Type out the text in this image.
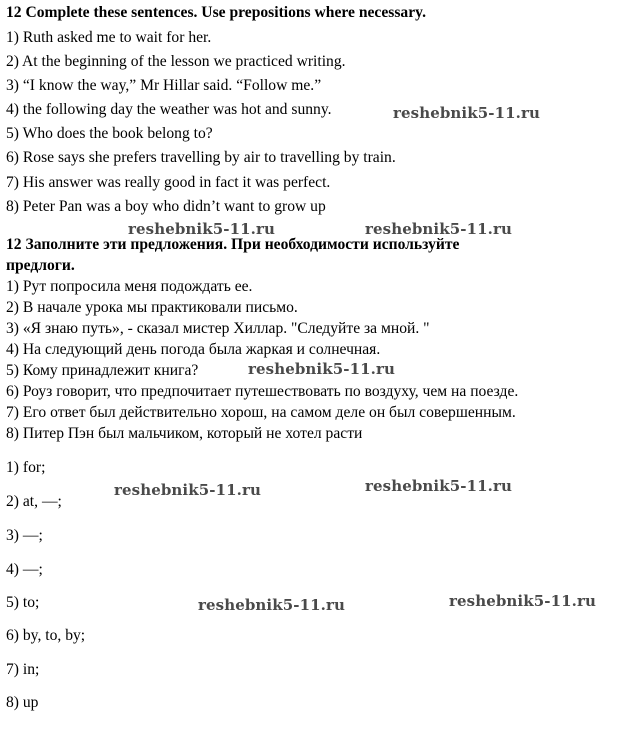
12 Complete these sentences. Use prepositions where necessary.
1) Ruth asked me to wait for her.
2) At the beginning of the lesson we practiced writing.
3) “I know the way,” Mr Hillar said. “Follow me.”
4) the following day the weather was hot and sunny.
5) Who does the book belong to?
6) Rose says she prefers travelling by air to travelling by train.
7) His answer was really good in fact it was perfect.
8) Peter Pan was a boy who didn’t want to grow up
12 Заполните эти предложения. При необходимости используйте
предлоги.
1) Рут попросила меня подождать ее.
2) В начале урока мы практиковали письмо.
3) «Я знаю путь», - сказал мистер Хиллар. "Следуйте за мной. "
4) На следующий день погода была жаркая и солнечная.
5) Кому принадлежит книга?
6) Роуз говорит, что предпочитает путешествовать по воздуху, чем на поезде.
7) Его ответ был действительно хорош, на самом деле он был совершенным.
8) Питер Пэн был мальчиком, который не хотел расти
1) for;
2) at, —;
3) —;
4) —;
5) to;
6) by, to, by;
7) in;
8) up
reshebnik5-11.ru
reshebnik5-11.ru	reshebnik5-11.ru
reshebnik5-11.ru
reshebnik5-11.ru	reshebnik5-11.ru
reshebnik5-11.ru	reshebnik5-11.ru
